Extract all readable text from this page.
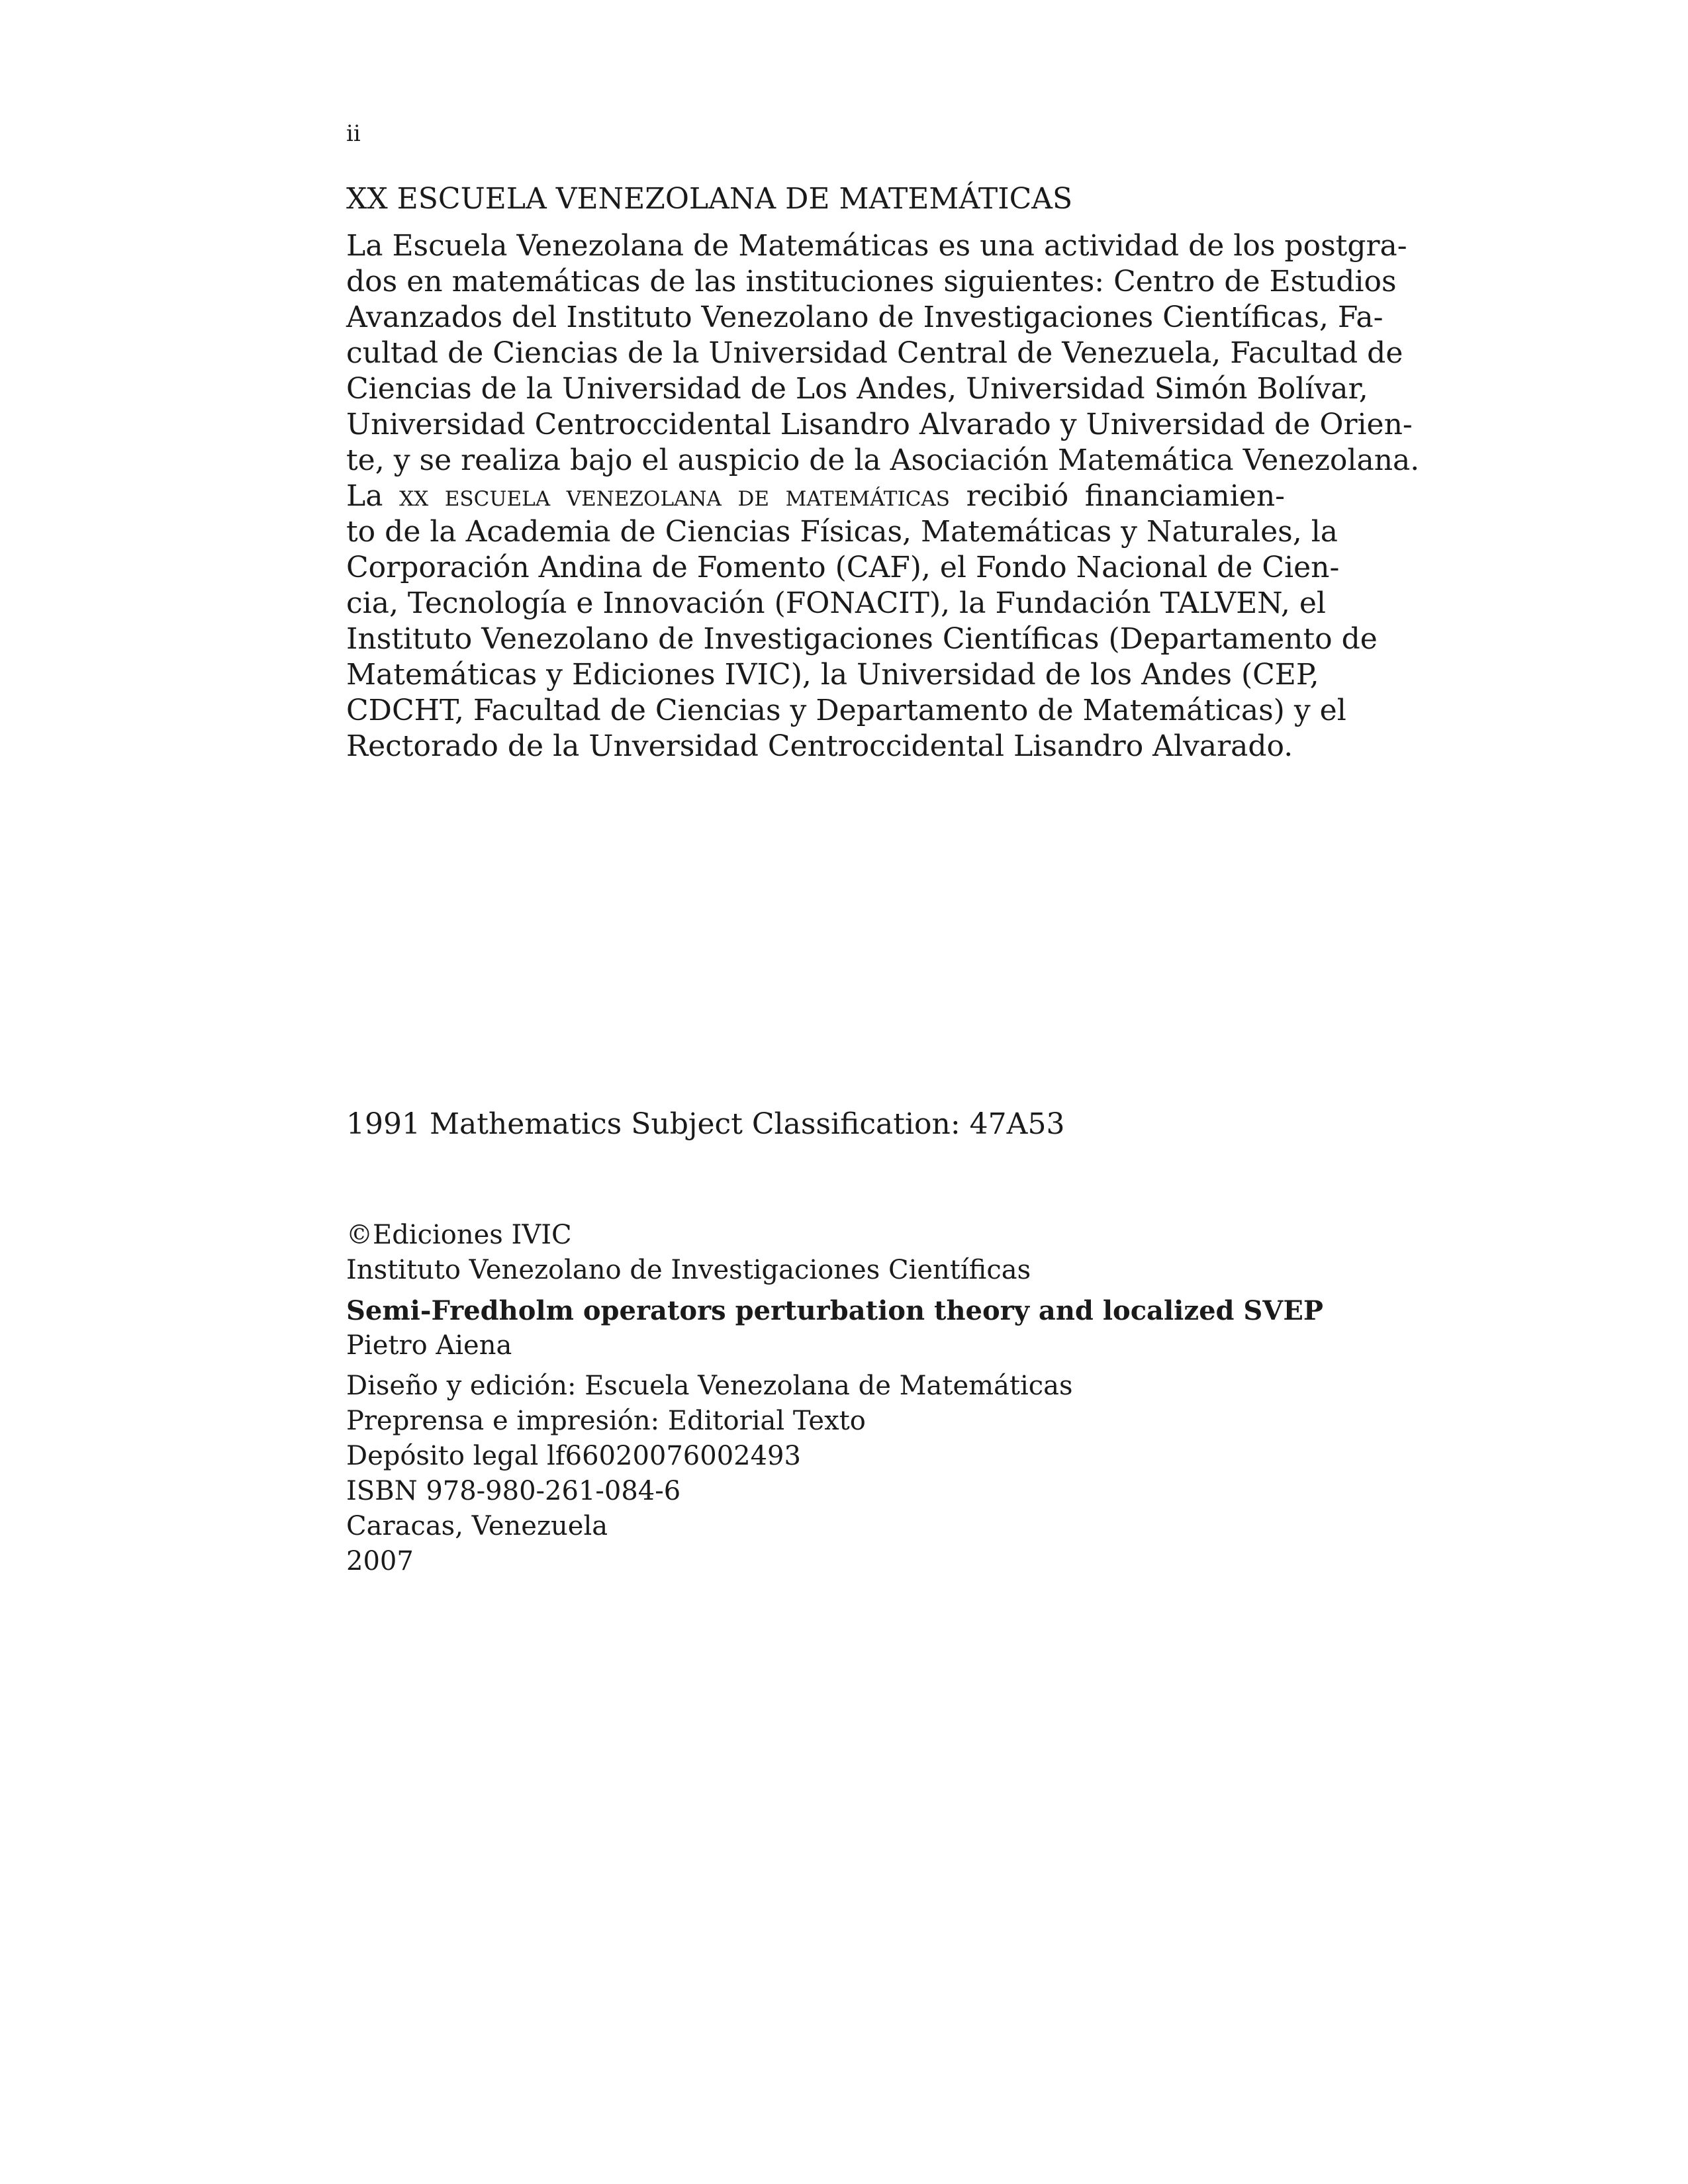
ii
XX ESCUELA VENEZOLANA DE MATEMÁTICAS
La Escuela Venezolana de Matemáticas es una actividad de los postgra-
dos en matemáticas de las instituciones siguientes: Centro de Estudios
Avanzados del Instituto Venezolano de Investigaciones Científicas, Fa-
cultad de Ciencias de la Universidad Central de Venezuela, Facultad de
Ciencias de la Universidad de Los Andes, Universidad Simón Bolívar,
Universidad Centroccidental Lisandro Alvarado y Universidad de Orien-
te, y se realiza bajo el auspicio de la Asociación Matemática Venezolana.
La xx escuela venezolana de matemáticas recibió financiamien-
to de la Academia de Ciencias Físicas, Matemáticas y Naturales, la
Corporación Andina de Fomento (CAF), el Fondo Nacional de Cien-
cia, Tecnología e Innovación (FONACIT), la Fundación TALVEN, el
Instituto Venezolano de Investigaciones Científicas (Departamento de
Matemáticas y Ediciones IVIC), la Universidad de los Andes (CEP,
CDCHT, Facultad de Ciencias y Departamento de Matemáticas) y el
Rectorado de la Unversidad Centroccidental Lisandro Alvarado.
1991 Mathematics Subject Classification: 47A53
©Ediciones IVIC
Instituto Venezolano de Investigaciones Científicas
Semi-Fredholm operators perturbation theory and localized SVEP
Pietro Aiena
Diseño y edición: Escuela Venezolana de Matemáticas
Preprensa e impresión: Editorial Texto
Depósito legal lf66020076002493
ISBN 978-980-261-084-6
Caracas, Venezuela
2007
